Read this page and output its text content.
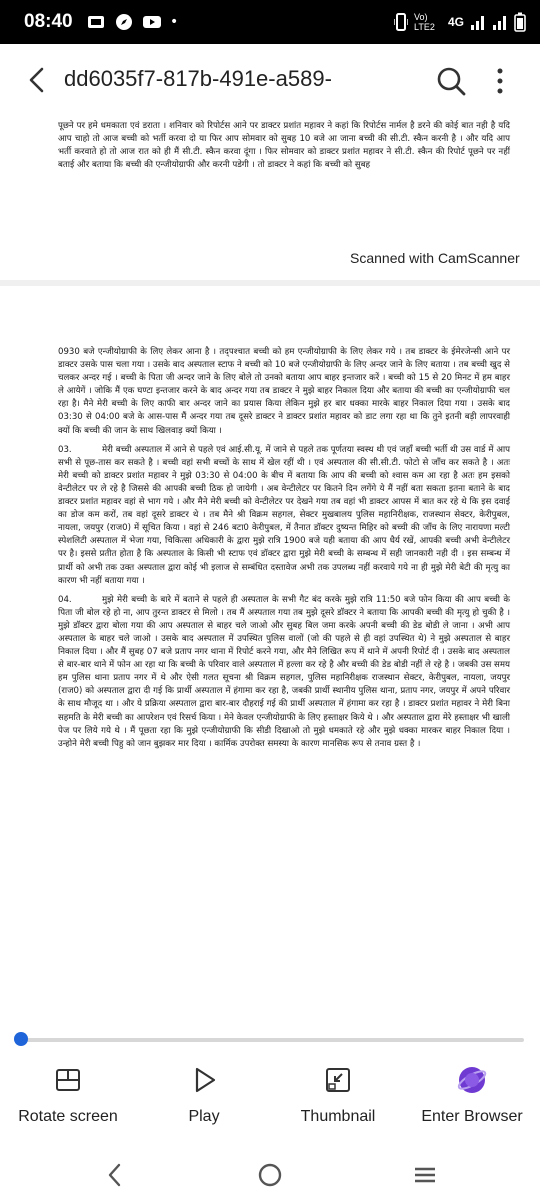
08:40	•	Vo) LTE2	4G
dd6035f7-817b-491e-a589-

पूछने पर हमे धमकाता एवं डराता । शनिवार को रिपोर्टस आने पर डाक्टर प्रशांत महावर ने कहां कि रिपोर्टस नार्मल है डरने की कोई बात नही है यदि आप चाहो तो आज बच्ची को भर्ती करवा दो या फिर आप सोमवार को सुबह 10 बजे आ जाना बच्ची की सी.टी. स्कैन करनी है । और यदि आप भर्ती करवाते हो तो आज रात को ही मैं सी.टी. स्कैन करवा दूंगा । फिर सोमवार को डाक्टर प्रशांत महावर ने सी.टी. स्कैन की रिपोर्ट पूछने पर नहीं बताई और बताया कि बच्ची की एन्जीयोग्राफी और करनी पडेगी । तो डाक्टर ने कहां कि बच्ची को सुबह

Scanned with CamScanner

0930 बजे एन्जीयोग्राफी के लिए लेकर आना है । तद्पश्चात बच्ची को हम एन्जीयोग्राफी के लिए लेकर गये । तब डाक्टर के ईमेरजेन्सी आने पर डाक्टर उसके पास चला गया । उसके बाद अस्पताल स्टाफ ने बच्ची को 10 बजे एन्जीयोग्राफी के लिए अन्दर जाने के लिए बताया । तब बच्ची खुद से चलकर अन्दर गई । बच्ची के पिता जी अन्दर जाने के लिए बोले तो उनको बताया आप बाहर इन्तजार करें । बच्ची को 15 से 20 मिनट में हम बाहर ले आयेगें । जोकि मैं एक घण्टा इन्तजार करने के बाद अन्दर गया तब डाक्टर ने मुझे बाहर निकाल दिया और बताया की बच्ची का एन्जीयोग्राफी चल रहा है। मैने मेरी बच्ची के लिए काफी बार अन्दर जाने का प्रयास किया लेकिन मुझे हर बार धक्का मारके बाहर निकाल दिया गया । उसके बाद 03:30 से 04:00 बजे के आस-पास मैं अन्दर गया तब दूसरे डाक्टर ने डाक्टर प्रशांत महावर को डाट लगा रहा था कि तुने इतनी बड़ी लापरवाही क्यों कि बच्ची की जान के साथ खिलवाड़ क्यों किया ।

03.	मेरी बच्ची अस्पताल में आने से पहले एवं आई.सी.यू. में जाने से पहले तक पूर्णतया स्वस्थ थी एवं जहाँ बच्ची भर्ती थी उस वार्ड में आप सभी से पूछ-तास कर सकते है । बच्ची वहां सभी बच्चों के साथ में खेल रहीं थी । एवं अस्पताल की सी.सी.टी. फोटो से जाँच कर सकते है । अतः मेरी बच्ची को डाक्टर प्रशांत महावर ने मुझे 03:30 से 04:00 के बीच में बताया कि आप की बच्ची को श्वास कम आ रहा है अतः हम इसको वेन्टीलेटर पर ले रहे है जिससे की आपकी बच्ची ठिक हो जायेगी । अब वेन्टीलेटर पर कितने दिन लगेंगे ये मैं नहीं बता सकता इतना बताने के बाद डाक्टर प्रशांत महावर वहां से भाग गये । और मैने मेरी बच्ची को वेन्टीलेटर पर देखने गया तब वहां भी डाक्टर आपस में बात कर रहे थे कि इस दवाई का डोज कम करों, तब वहां दूसरे डाक्टर थे । तब मैने श्री विक्रम सहगल, सेक्टर मुखबालय पुलिस महानिरीक्षक, राजस्थान सेक्टर, केरीपुबल, नायला, जयपुर (राज0) में सूचित किया । वहां से 246 बटा0 केरीपुबल, में तैनात डॉक्टर दुष्यन्त मिहिर को बच्ची की जाँच के लिए नारायणा मल्टी स्पेशलिटी अस्पताल में भेजा गया, चिकित्सा अधिकारी के द्वारा मुझे रात्रि 1900 बजे यही बताया की आप धैर्य रखें, आपकी बच्ची अभी वेन्टीलेटर पर है। इससे प्रतीत होता है कि अस्पताल के किसी भी स्टाफ एवं डॉक्टर द्वारा मुझे मेरी बच्ची के सम्बन्ध में सही जानकारी नही दी । इस सम्बन्ध में प्रार्थी को अभी तक उक्त अस्पताल द्वारा कोई भी इलाज से सम्बंधित दस्तावेज अभी तक उपलब्ध नहीं करवाये गये ना ही मुझे मेरी बेटी की मृत्यु का कारण भी नहीं बताया गया ।

04.	मुझे मेरी बच्ची के बारे में बताने से पहले ही अस्पताल के सभी गैट बंद करके मुझे रात्रि 11:50 बजे फोन किया की आप बच्ची के पिता जी बोल रहे हो ना, आप तुरन्त डाक्टर से मिलो । तब मैं अस्पताल गया तब मुझे दूसरे डॉक्टर ने बताया कि आपकी बच्ची की मृत्यु हो चुकी है । मुझे डॉक्टर द्वारा बोला गया की आप अस्पताल से बाहर चले जाओ और सुबह बिल जमा करके अपनी बच्ची की डेड बोडी ले जाना । अभी आप अस्पताल के बाहर चले जाओ । उसके बाद अस्पताल में उपस्थित पुलिस वालों (जो की पहले से ही वहां उपस्थित थे) ने मुझे अस्पताल से बाहर निकाल दिया । और मैं सुबह 07 बजे प्रताप नगर थाना में रिपोर्ट करने गया, और मैने लिखित रूप में थाने में अपनी रिपोर्ट दी । उसके बाद अस्पताल से बार-बार थाने में फोन आ रहा था कि बच्ची के परिवार वाले अस्पताल में हल्ला कर रहे है और बच्ची की डेड बोडी नहीं ले रहे है । जबकी उस समय हम पुलिस थाना प्रताप नगर में थे और ऐसी गलत सूचना श्री विक्रम सहगल, पुलिस महानिरीक्षक राजस्थान सेक्टर, केरीपुबल, नायला, जयपुर (राज0) को अस्पताल द्वारा दी गई कि प्रार्थी अस्पताल में हंगामा कर रहा है, जबकी प्रार्थी स्थानीय पुलिस थाना, प्रताप नगर, जयपुर में अपने परिवार के साथ मौजूद था । और ये प्रक्रिया अस्पताल द्वारा बार-बार दौहराई गई की प्रार्थी अस्पताल में हंगामा कर रहा है । डाक्टर प्रशांत महावर ने मेरी बिना सहमति के मेरी बच्ची का आपरेशन एवं रिसर्च किया । मेने केवल एन्जीयोग्राफी के लिए हस्ताक्षर किये थे । और अस्पताल द्वारा मेरे हस्ताक्षर भी खाली पेज पर लिये गये थे । मैं पूछता रहा कि मुझे एन्जीयोग्राफी कि सीडी दिखाओ तो मुझे धमकाते रहे और मुझे धक्का मारकर बाहर निकाल दिया । उन्होने मेरी बच्ची पिहु को जान बुझकर मार दिया । कार्मिक उपरोक्त समस्या के कारण मानसिक रूप से तनाव ग्रस्त है ।

Rotate screen	Play	Thumbnail	Enter Browser
